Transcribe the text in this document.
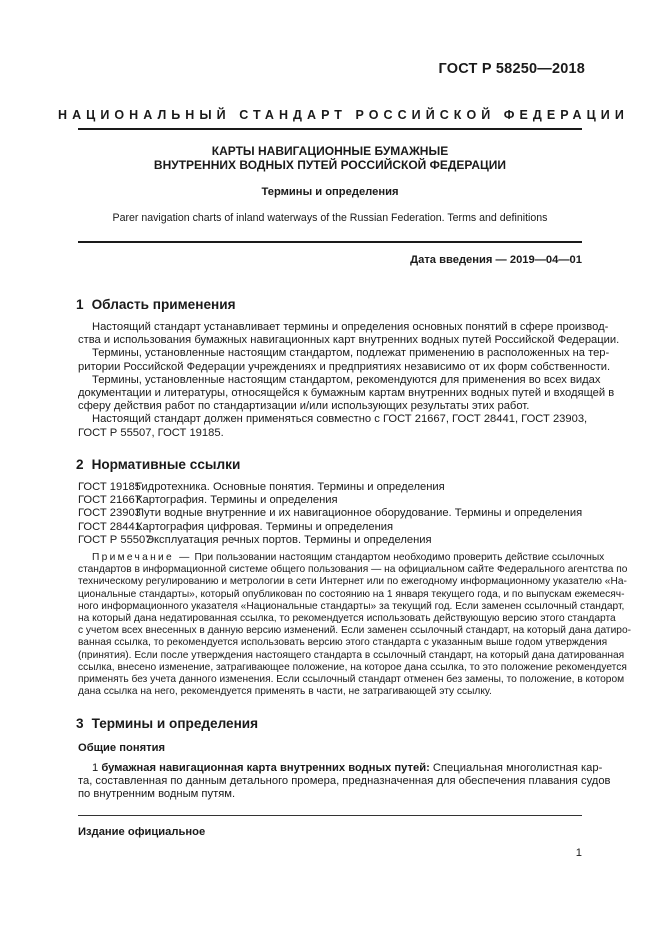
ГОСТ Р 58250—2018
НАЦИОНАЛЬНЫЙ СТАНДАРТ РОССИЙСКОЙ ФЕДЕРАЦИИ
КАРТЫ НАВИГАЦИОННЫЕ БУМАЖНЫЕ
ВНУТРЕННИХ ВОДНЫХ ПУТЕЙ РОССИЙСКОЙ ФЕДЕРАЦИИ
Термины и определения
Parer navigation charts of inland waterways of the Russian Federation. Terms and definitions
Дата введения — 2019—04—01
1 Область применения
Настоящий стандарт устанавливает термины и определения основных понятий в сфере производ-
ства и использования бумажных навигационных карт внутренних водных путей Российской Федерации.
Термины, установленные настоящим стандартом, подлежат применению в расположенных на тер-
ритории Российской Федерации учреждениях и предприятиях независимо от их форм собственности.
Термины, установленные настоящим стандартом, рекомендуются для применения во всех видах
документации и литературы, относящейся к бумажным картам внутренних водных путей и входящей в
сферу действия работ по стандартизации и/или использующих результаты этих работ.
Настоящий стандарт должен применяться совместно с ГОСТ 21667, ГОСТ 28441, ГОСТ 23903,
ГОСТ Р 55507, ГОСТ 19185.
2 Нормативные ссылки
ГОСТ 19185
Гидротехника. Основные понятия. Термины и определения
ГОСТ 21667
Картография. Термины и определения
ГОСТ 23903
Пути водные внутренние и их навигационное оборудование. Термины и определения
ГОСТ 28441
Картография цифровая. Термины и определения
ГОСТ Р 55507
Эксплуатация речных портов. Термины и определения
Примечание — При пользовании настоящим стандартом необходимо проверить действие ссылочных
стандартов в информационной системе общего пользования — на официальном сайте Федерального агентства по
техническому регулированию и метрологии в сети Интернет или по ежегодному информационному указателю «На-
циональные стандарты», который опубликован по состоянию на 1 января текущего года, и по выпускам ежемесяч-
ного информационного указателя «Национальные стандарты» за текущий год. Если заменен ссылочный стандарт,
на который дана недатированная ссылка, то рекомендуется использовать действующую версию этого стандарта
с учетом всех внесенных в данную версию изменений. Если заменен ссылочный стандарт, на который дана датиро-
ванная ссылка, то рекомендуется использовать версию этого стандарта с указанным выше годом утверждения
(принятия). Если после утверждения настоящего стандарта в ссылочный стандарт, на который дана датированная
ссылка, внесено изменение, затрагивающее положение, на которое дана ссылка, то это положение рекомендуется
применять без учета данного изменения. Если ссылочный стандарт отменен без замены, то положение, в котором
дана ссылка на него, рекомендуется применять в части, не затрагивающей эту ссылку.
3 Термины и определения
Общие понятия
1 бумажная навигационная карта внутренних водных путей: Специальная многолистная кар-
та, составленная по данным детального промера, предназначенная для обеспечения плавания судов
по внутренним водным путям.
Издание официальное
1
